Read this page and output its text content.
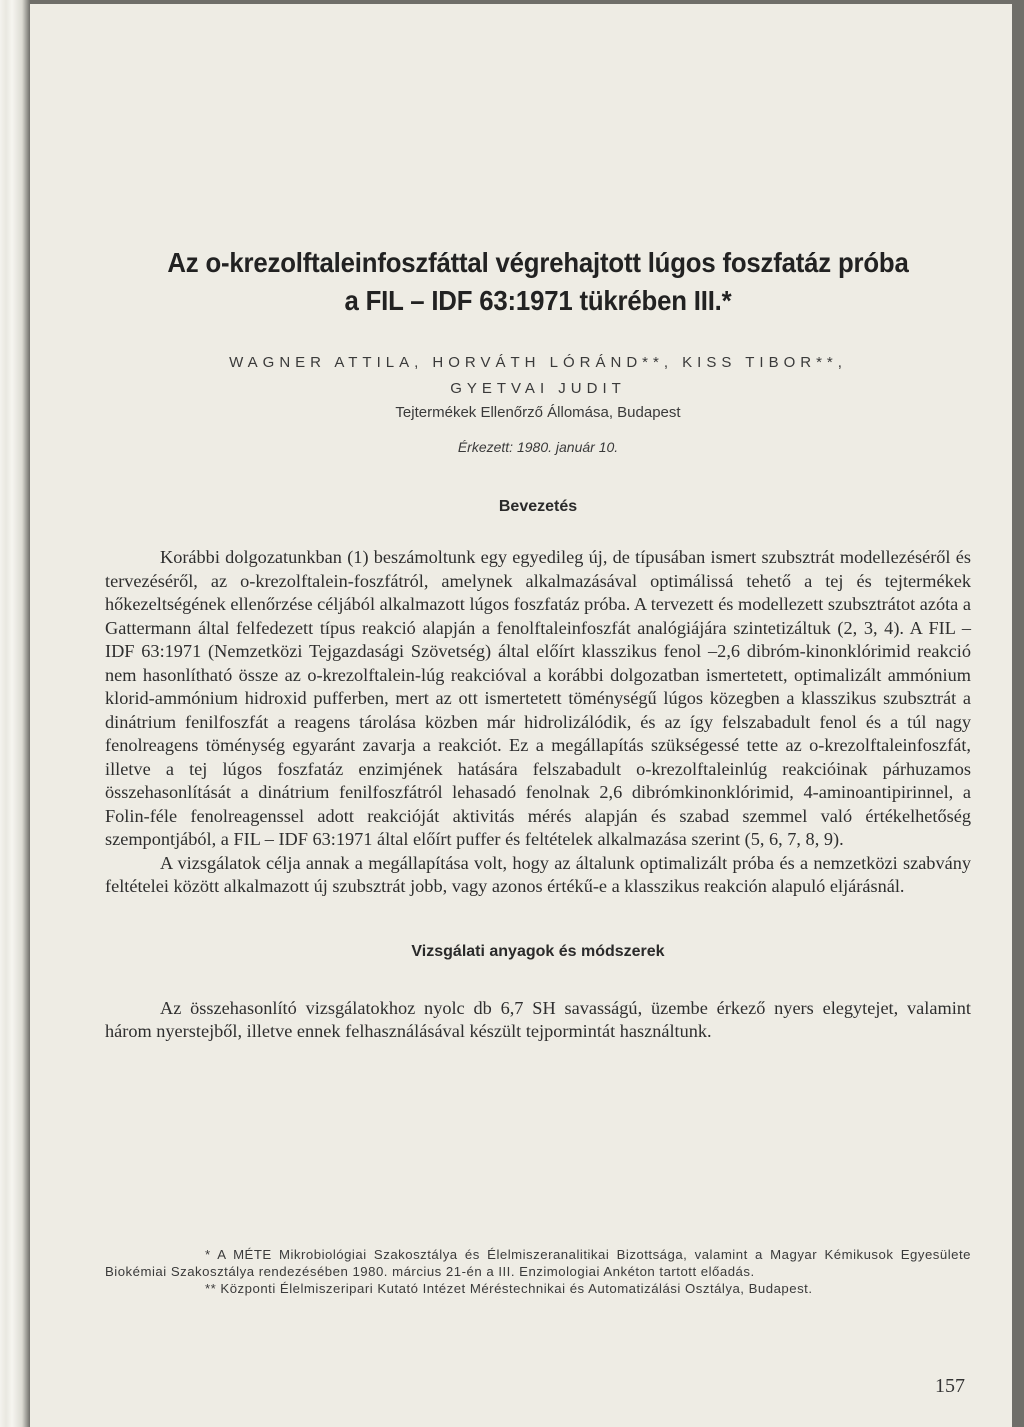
Az o-krezolftaleinfoszfáttal végrehajtott lúgos foszfatáz próba
a FIL – IDF 63:1971 tükrében III.*
WAGNER ATTILA, HORVÁTH LÓRÁND**, KISS TIBOR**,
GYETVAI JUDIT
Tejtermékek Ellenőrző Állomása, Budapest
Érkezett: 1980. január 10.
Bevezetés

Korábbi dolgozatunkban (1) beszámoltunk egy egyedileg új, de típusában ismert szubsztrát modellezéséről és tervezéséről, az o-krezolftalein-foszfátról, amelynek alkalmazásával optimálissá tehető a tej és tejtermékek hőkezeltségének ellenőrzése céljából alkalmazott lúgos foszfatáz próba. A tervezett és modellezett szubsztrátot azóta a Gattermann által felfedezett típus reakció alapján a fenolftaleinfoszfát analógiájára szintetizáltuk (2, 3, 4). A FIL – IDF 63:1971 (Nemzetközi Tejgazdasági Szövetség) által előírt klasszikus fenol –2,6 dibróm-kinonklórimid reakció nem hasonlítható össze az o-krezolftalein-lúg reakcióval a korábbi dolgozatban ismertetett, optimalizált ammónium klorid-ammónium hidroxid pufferben, mert az ott ismertetett töménységű lúgos közegben a klasszikus szubsztrát a dinátrium fenilfoszfát a reagens tárolása közben már hidrolizálódik, és az így felszabadult fenol és a túl nagy fenolreagens töménység egyaránt zavarja a reakciót. Ez a megállapítás szükségessé tette az o-krezolftaleinfoszfát, illetve a tej lúgos foszfatáz enzimjének hatására felszabadult o-krezolftaleinlúg reakcióinak párhuzamos összehasonlítását a dinátrium fenilfoszfátról lehasadó fenolnak 2,6 dibrómkinonklórimid, 4-aminoantipirinnel, a Folin-féle fenolreagenssel adott reakcióját aktivitás mérés alapján és szabad szemmel való értékelhetőség szempontjából, a FIL – IDF 63:1971 által előírt puffer és feltételek alkalmazása szerint (5, 6, 7, 8, 9).

A vizsgálatok célja annak a megállapítása volt, hogy az általunk optimalizált próba és a nemzetközi szabvány feltételei között alkalmazott új szubsztrát jobb, vagy azonos értékű-e a klasszikus reakción alapuló eljárásnál.

Vizsgálati anyagok és módszerek

Az összehasonlító vizsgálatokhoz nyolc db 6,7 SH savasságú, üzembe érkező nyers elegytejet, valamint három nyerstejből, illetve ennek felhasználásával készült tejpormintát használtunk.

* A MÉTE Mikrobiológiai Szakosztálya és Élelmiszeranalitikai Bizottsága, valamint a Magyar Kémikusok Egyesülete Biokémiai Szakosztálya rendezésében 1980. március 21-én a III. Enzimologiai Ankéton tartott előadás.

** Központi Élelmiszeripari Kutató Intézet Méréstechnikai és Automatizálási Osztálya, Budapest.

157
